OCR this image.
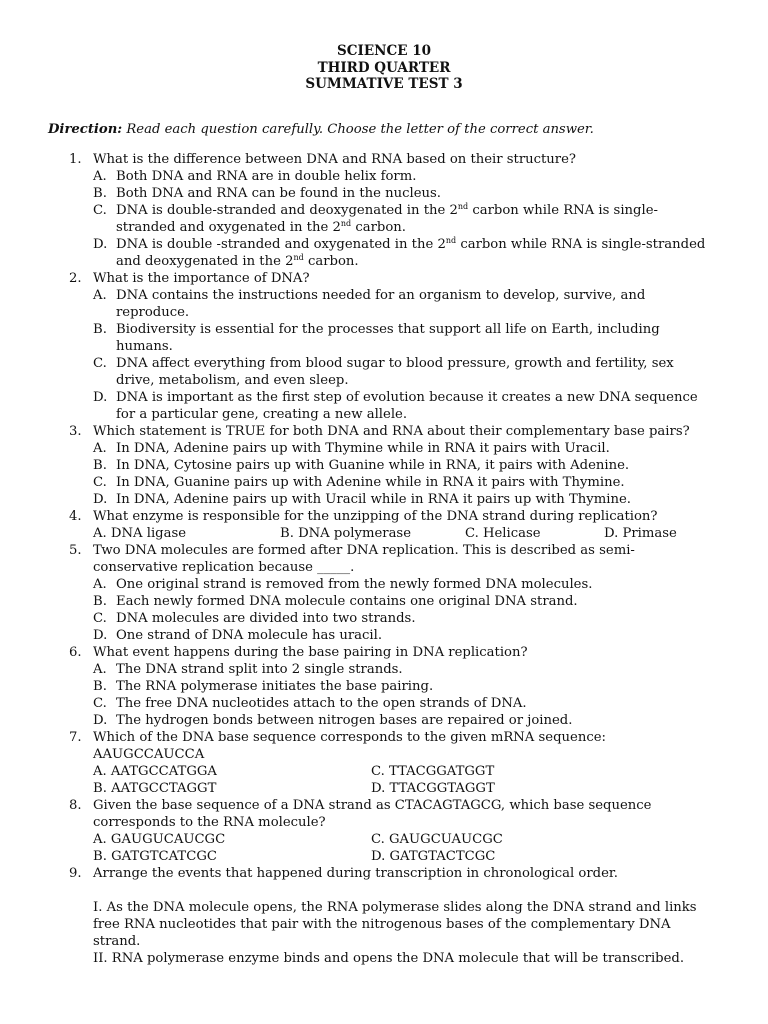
SCIENCE 10
THIRD QUARTER
SUMMATIVE TEST 3
Direction: Read each question carefully. Choose the letter of the correct answer.
1. What is the difference between DNA and RNA based on their structure?
A. Both DNA and RNA are in double helix form.
B. Both DNA and RNA can be found in the nucleus.
C. DNA is double-stranded and deoxygenated in the 2nd carbon while RNA is single-stranded and oxygenated in the 2nd carbon.
D. DNA is double -stranded and oxygenated in the 2nd carbon while RNA is single-stranded and deoxygenated in the 2nd carbon.
2. What is the importance of DNA?
A. DNA contains the instructions needed for an organism to develop, survive, and reproduce.
B. Biodiversity is essential for the processes that support all life on Earth, including humans.
C. DNA affect everything from blood sugar to blood pressure, growth and fertility, sex drive, metabolism, and even sleep.
D. DNA is important as the first step of evolution because it creates a new DNA sequence for a particular gene, creating a new allele.
3. Which statement is TRUE for both DNA and RNA about their complementary base pairs?
A. In DNA, Adenine pairs up with Thymine while in RNA it pairs with Uracil.
B. In DNA, Cytosine pairs up with Guanine while in RNA, it pairs with Adenine.
C. In DNA, Guanine pairs up with Adenine while in RNA it pairs with Thymine.
D. In DNA, Adenine pairs up with Uracil while in RNA it pairs up with Thymine.
4. What enzyme is responsible for the unzipping of the DNA strand during replication?
A. DNA ligase	B. DNA polymerase	C. Helicase	D. Primase
5. Two DNA molecules are formed after DNA replication. This is described as semi-conservative replication because _____.
A. One original strand is removed from the newly formed DNA molecules.
B. Each newly formed DNA molecule contains one original DNA strand.
C. DNA molecules are divided into two strands.
D. One strand of DNA molecule has uracil.
6. What event happens during the base pairing in DNA replication?
A. The DNA strand split into 2 single strands.
B. The RNA polymerase initiates the base pairing.
C. The free DNA nucleotides attach to the open strands of DNA.
D. The hydrogen bonds between nitrogen bases are repaired or joined.
7. Which of the DNA base sequence corresponds to the given mRNA sequence:
AAUGCCAUCCA
A. AATGCCATGGA	C. TTACGGATGGT
B. AATGCCTAGGT	D. TTACGGTAGGT
8. Given the base sequence of a DNA strand as CTACAGTAGCG, which base sequence corresponds to the RNA molecule?
A. GAUGUCAUCGC	C. GAUGCUAUCGC
B. GATGTCATCGC	D. GATGTACTCGC
9. Arrange the events that happened during transcription in chronological order.
I. As the DNA molecule opens, the RNA polymerase slides along the DNA strand and links free RNA nucleotides that pair with the nitrogenous bases of the complementary DNA strand.
II. RNA polymerase enzyme binds and opens the DNA molecule that will be transcribed.
